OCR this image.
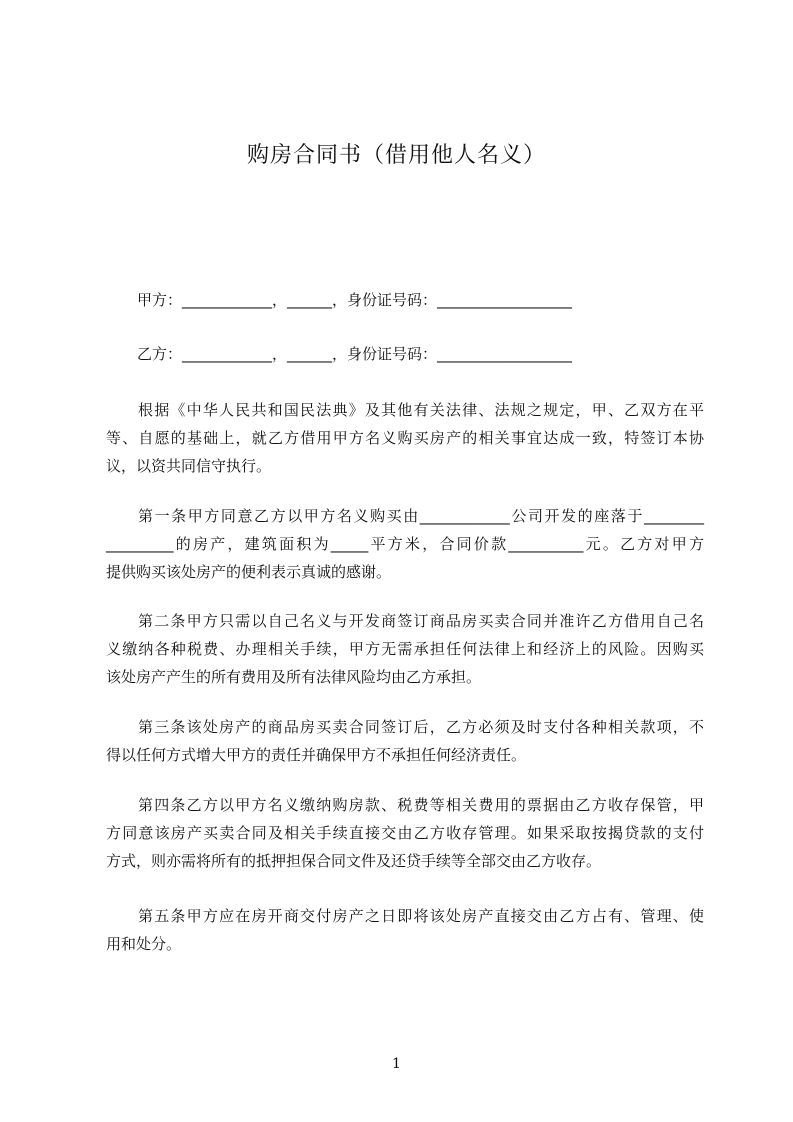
购房合同书（借用他人名义）
甲方：____________，______，身份证号码：__________________
乙方：____________，______，身份证号码：__________________
根据《中华人民共和国民法典》及其他有关法律、法规之规定，甲、乙双方在平
等、自愿的基础上，就乙方借用甲方名义购买房产的相关事宜达成一致，特签订本协
议，以资共同信守执行。
第一条甲方同意乙方以甲方名义购买由____________公司开发的座落于________
_________的房产，建筑面积为_____平方米，合同价款__________元。乙方对甲方
提供购买该处房产的便利表示真诚的感谢。
第二条甲方只需以自己名义与开发商签订商品房买卖合同并准许乙方借用自己名
义缴纳各种税费、办理相关手续，甲方无需承担任何法律上和经济上的风险。因购买
该处房产产生的所有费用及所有法律风险均由乙方承担。
第三条该处房产的商品房买卖合同签订后，乙方必须及时支付各种相关款项，不
得以任何方式增大甲方的责任并确保甲方不承担任何经济责任。
第四条乙方以甲方名义缴纳购房款、税费等相关费用的票据由乙方收存保管，甲
方同意该房产买卖合同及相关手续直接交由乙方收存管理。如果采取按揭贷款的支付
方式，则亦需将所有的抵押担保合同文件及还贷手续等全部交由乙方收存。
第五条甲方应在房开商交付房产之日即将该处房产直接交由乙方占有、管理、使
用和处分。
1
